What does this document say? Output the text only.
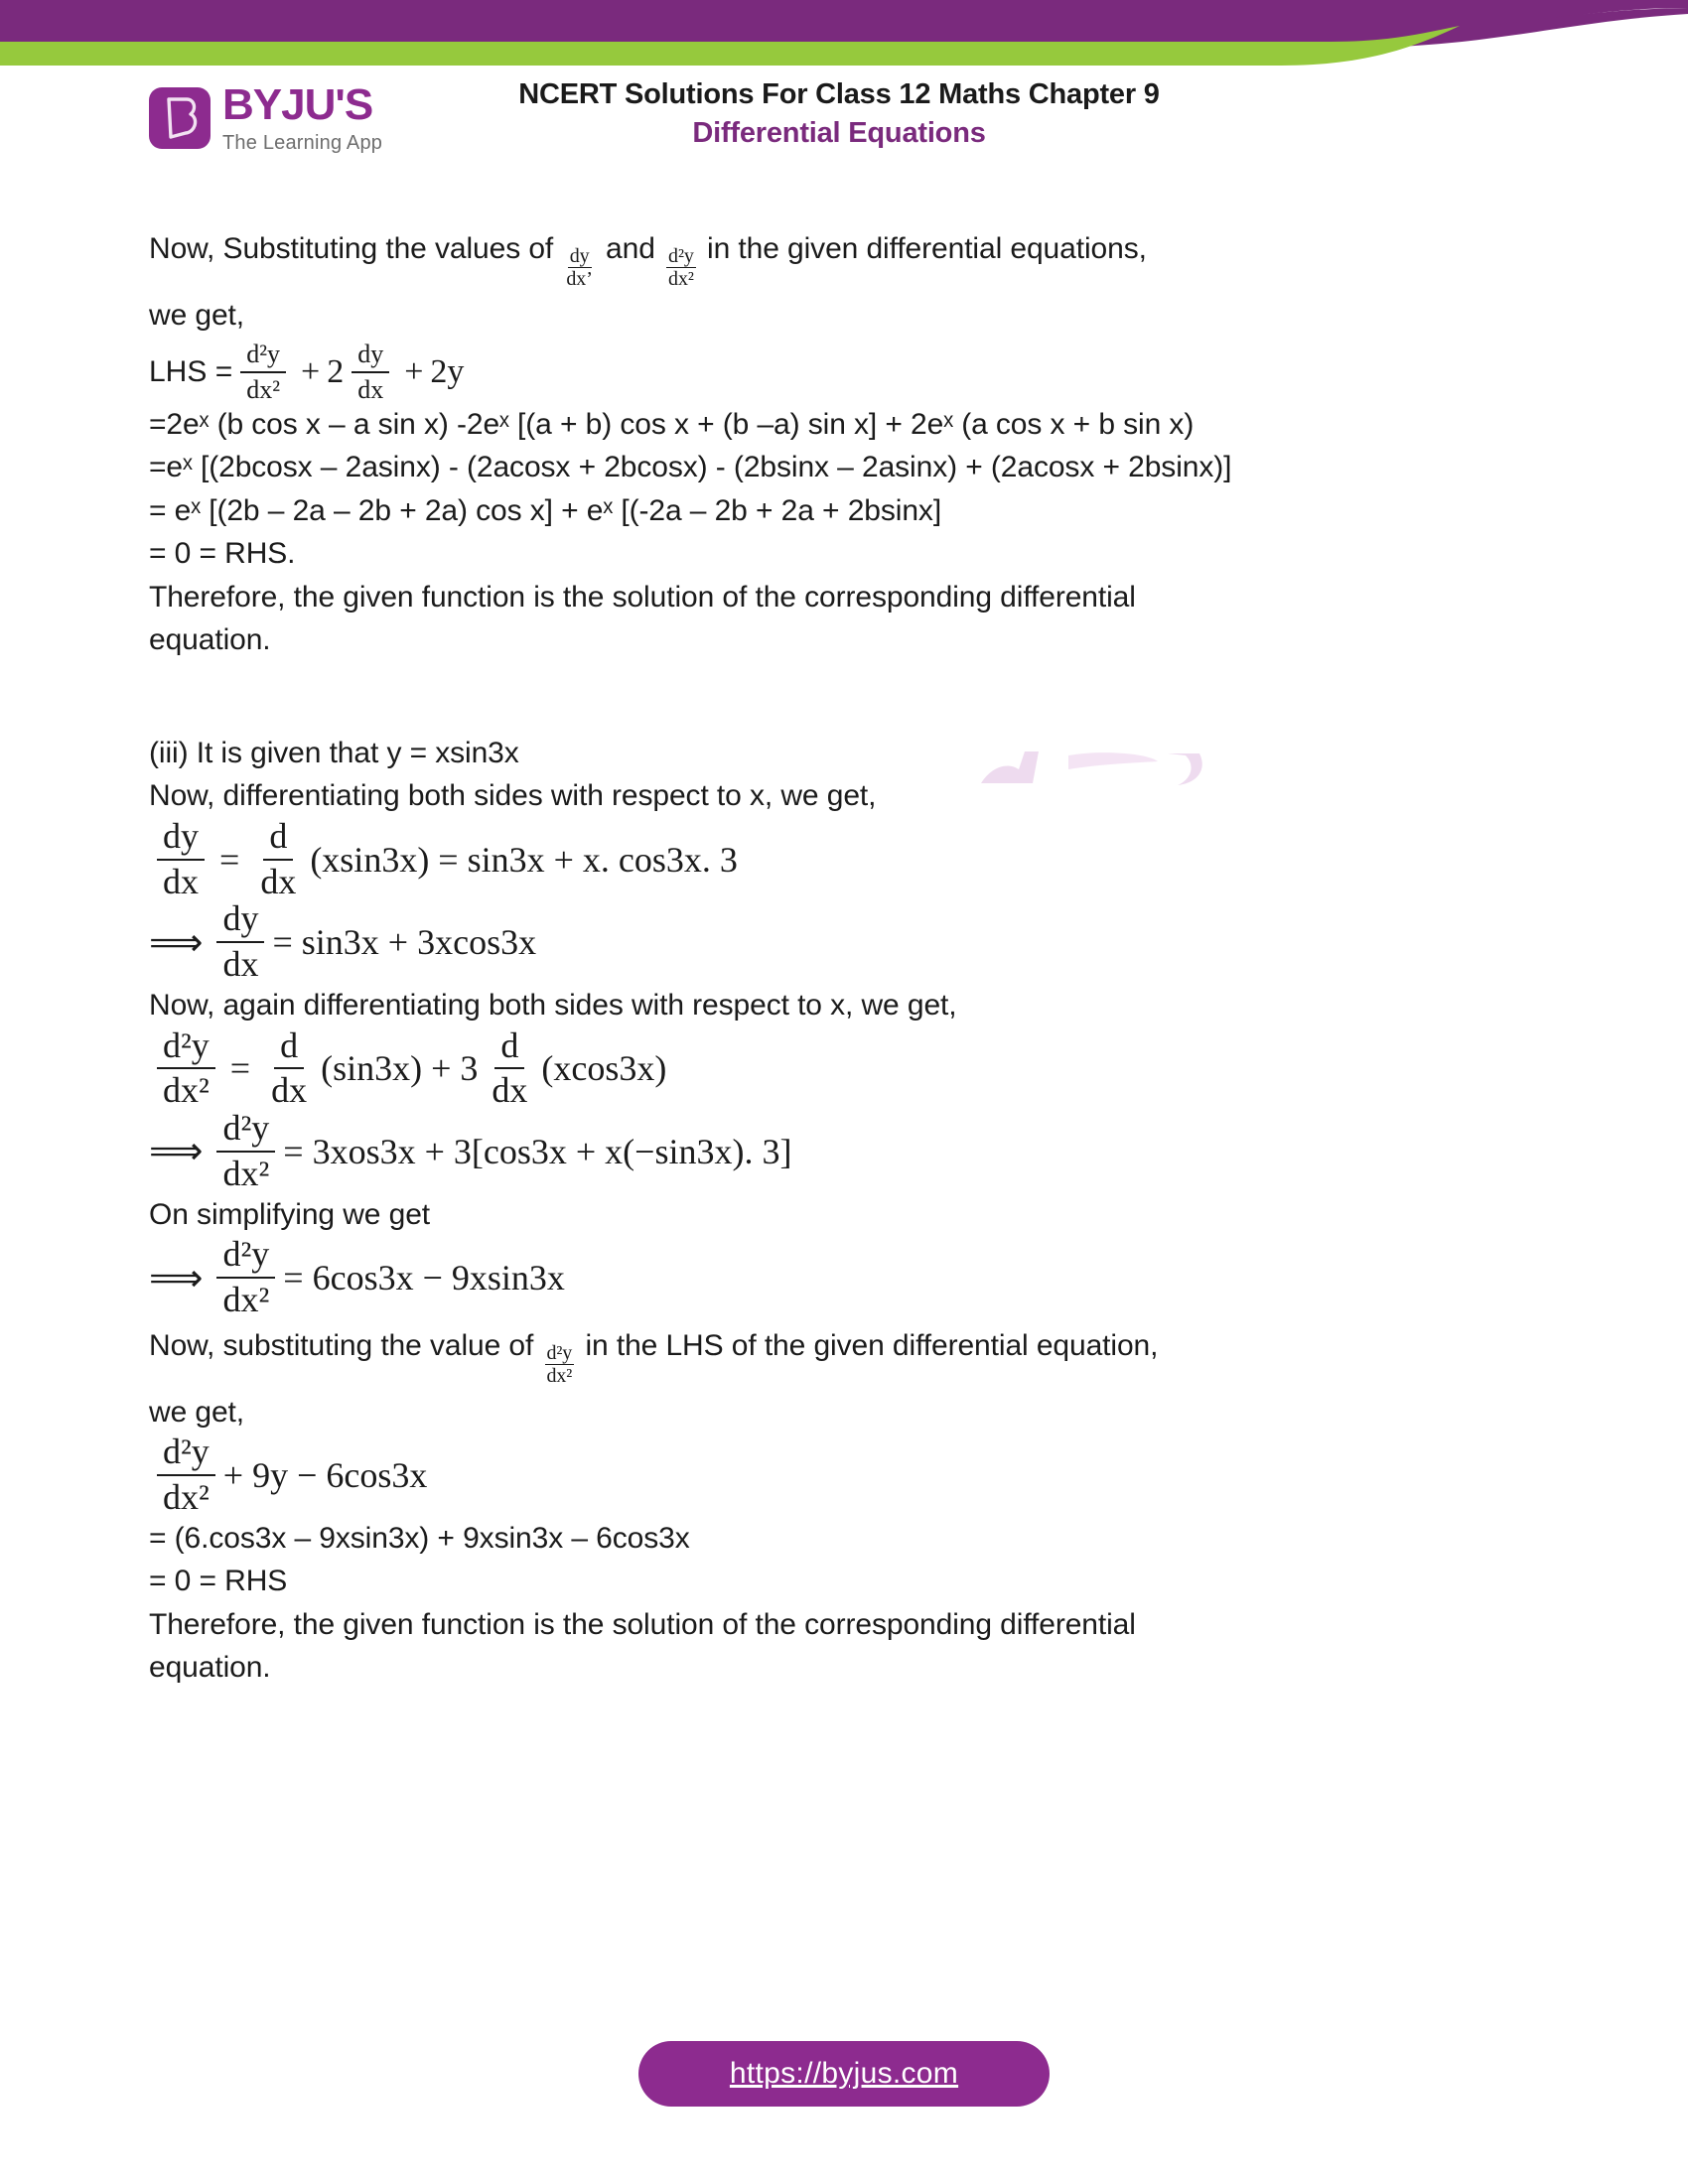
BYJU'S
The Learning App
NCERT Solutions For Class 12 Maths Chapter 9
Differential Equations
Now, Substituting the values of $\frac{dy}{dx’}$ and $\frac{\text{d²y}}{\text{dx²}}$ in the given differential equations,
we get,
LHS = $\frac{\text{d²y}}{\text{dx²}} + 2 \frac{dy}{dx} + 2y$
=2eˣ (b cos x – a sin x) -2eˣ [(a + b) cos x + (b –a) sin x] + 2eˣ (a cos x + b sin x)
=eˣ [(2bcosx – 2asinx) - (2acosx + 2bcosx) - (2bsinx – 2asinx) + (2acosx + 2bsinx)]
= eˣ [(2b – 2a – 2b + 2a) cos x] + eˣ [(-2a – 2b + 2a + 2bsinx]
= 0 = RHS.
Therefore, the given function is the solution of the corresponding differential
equation.
(iii) It is given that y = xsin3x
Now, differentiating both sides with respect to x, we get,
$\frac{dy}{dx} = \frac{d}{dx} (xsin3x) = \sin 3x + x$. cos3x. 3
⟹ $\frac{dy}{dx} = \sin 3x + 3xcos3x$
Now, again differentiating both sides with respect to x, we get,
$\frac{\text{d²y}}{\text{dx²}} = \frac{d}{dx} (\sin 3x) + 3 \frac{d}{dx} (xcos3x)$
⟹ $\frac{\text{d²y}}{\text{dx²}} = 3xos3x + 3[\cos 3x + x(-\sin 3x)$. 3]
On simplifying we get
⟹ $\frac{\text{d²y}}{\text{dx²}} = 6\cos 3x - 9xsin3x$
Now, substituting the value of $\frac{\text{d²y}}{\text{dx²}}$ in the LHS of the given differential equation,
we get,
$\frac{\text{d²y}}{\text{dx²}} + 9y - 6\cos 3x$
= (6.cos3x – 9xsin3x) + 9xsin3x – 6cos3x
= 0 = RHS
Therefore, the given function is the solution of the corresponding differential
equation.
https://byjus.com
